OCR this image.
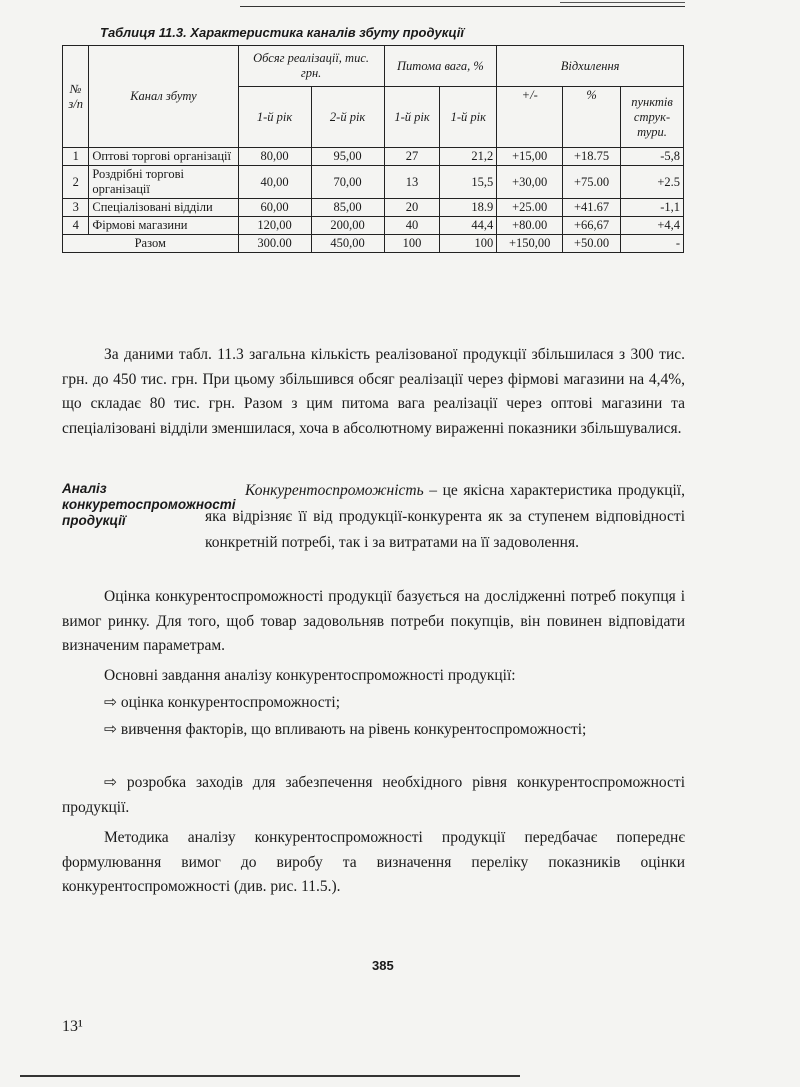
Таблиця 11.3. Характеристика каналів збуту продукції
№ з/п	Канал збуту	Обсяг реалізації, тис. грн.		Питома вага, %		Відхилення		
		1-й рік	2-й рік	1-й рік	1-й рік	+/-	%	пунктів струк-тури.
1	Оптові торгові організації	80,00	95,00	27	21,2	+15,00	+18.75	-5,8
2	Роздрібні торгові організації	40,00	70,00	13	15,5	+30,00	+75.00	+2.5
3	Спеціалізовані відділи	60,00	85,00	20	18.9	+25.00	+41.67	-1,1
4	Фірмові магазини	120,00	200,00	40	44,4	+80.00	+66,67	+4,4
Разом		300.00	450,00	100	100	+150,00	+50.00	-
За даними табл. 11.3 загальна кількість реалізованої продукції збільшилася з 300 тис. грн. до 450 тис. грн. При цьому збільшився обсяг реалізації через фірмові магазини на 4,4%, що складає 80 тис. грн. Разом з цим питома вага реалізації через оптові магазини та спеціалізовані відділи зменшилася, хоча в абсолютному вираженні показники збільшувалися.
Аналіз конкуретоспроможності продукції
Конкурентоспроможність – це якісна характеристика продукції, яка відрізняє її від продукції-конкурента як за ступенем відповідності конкретній потребі, так і за витратами на її задоволення.
Оцінка конкурентоспроможності продукції базується на дослідженні потреб покупця і вимог ринку. Для того, щоб товар задовольняв потреби покупців, він повинен відповідати визначеним параметрам.
Основні завдання аналізу конкурентоспроможності продукції:
⇨ оцінка конкурентоспроможності;
⇨ вивчення факторів, що впливають на рівень конкурентоспроможності;
⇨ розробка заходів для забезпечення необхідного рівня конкурентоспроможності продукції.
Методика аналізу конкурентоспроможності продукції передбачає попереднє формулювання вимог до виробу та визначення переліку показників оцінки конкурентоспроможності (див. рис. 11.5.).
385
13¹
